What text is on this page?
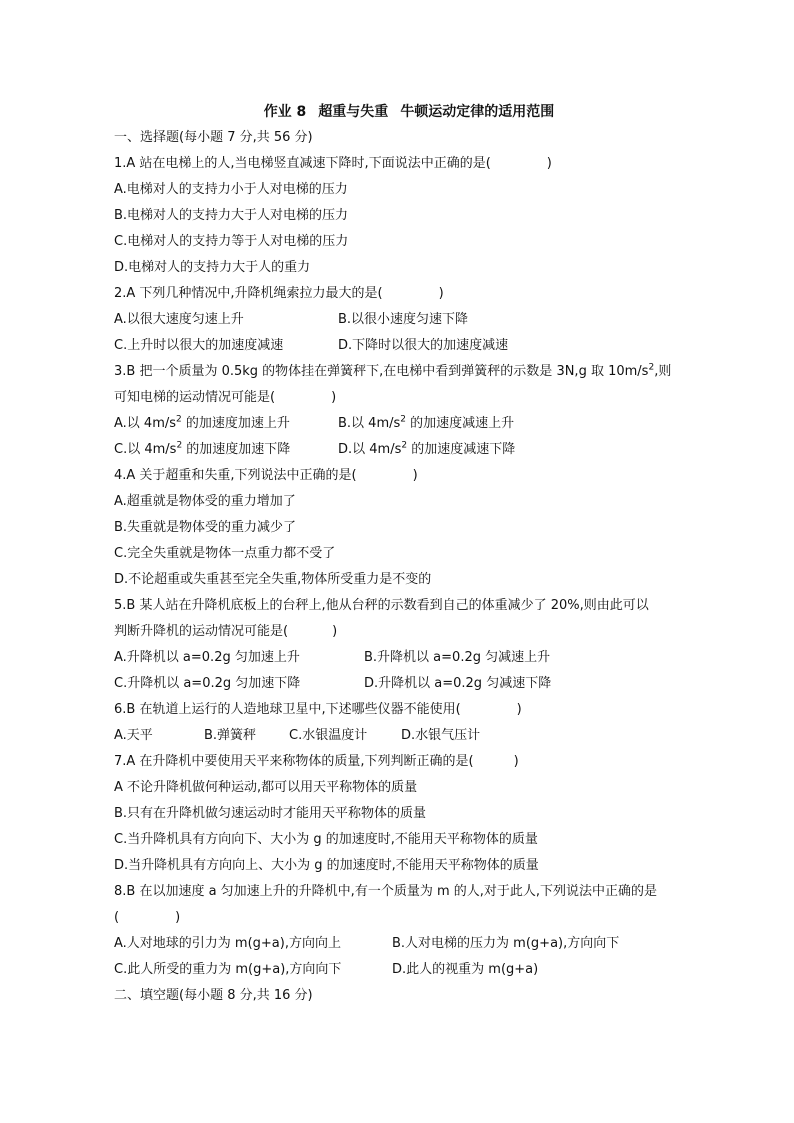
作业 8 超重与失重 牛顿运动定律的适用范围
一、选择题(每小题 7 分,共 56 分)
1.A 站在电梯上的人,当电梯竖直减速下降时,下面说法中正确的是(	)
A.电梯对人的支持力小于人对电梯的压力
B.电梯对人的支持力大于人对电梯的压力
C.电梯对人的支持力等于人对电梯的压力
D.电梯对人的支持力大于人的重力
2.A 下列几种情况中,升降机绳索拉力最大的是(	)
A.以很大速度匀速上升	B.以很小速度匀速下降
C.上升时以很大的加速度减速	D.下降时以很大的加速度减速
3.B 把一个质量为 0.5kg 的物体挂在弹簧秤下,在电梯中看到弹簧秤的示数是 3N,g 取 $10m/s^2$,则
可知电梯的运动情况可能是(	)
A.以 $4m/s^2$ 的加速度加速上升	B.以 $4m/s^2$ 的加速度减速上升
C.以 $4m/s^2$ 的加速度加速下降	D.以 $4m/s^2$ 的加速度减速下降
4.A 关于超重和失重,下列说法中正确的是(	)
A.超重就是物体受的重力增加了
B.失重就是物体受的重力减少了
C.完全失重就是物体一点重力都不受了
D.不论超重或失重甚至完全失重,物体所受重力是不变的
5.B 某人站在升降机底板上的台秤上,他从台秤的示数看到自己的体重减少了 20%,则由此可以
判断升降机的运动情况可能是(	)
A.升降机以 a=0.2g 匀加速上升	B.升降机以 a=0.2g 匀减速上升
C.升降机以 a=0.2g 匀加速下降	D.升降机以 a=0.2g 匀减速下降
6.B 在轨道上运行的人造地球卫星中,下述哪些仪器不能使用(	)
A.天平	B.弹簧秤	C.水银温度计	D.水银气压计
7.A 在升降机中要使用天平来称物体的质量,下列判断正确的是(	)
A 不论升降机做何种运动,都可以用天平称物体的质量
B.只有在升降机做匀速运动时才能用天平称物体的质量
C.当升降机具有方向向下、大小为 g 的加速度时,不能用天平称物体的质量
D.当升降机具有方向向上、大小为 g 的加速度时,不能用天平称物体的质量
8.B 在以加速度 a 匀加速上升的升降机中,有一个质量为 m 的人,对于此人,下列说法中正确的是
(	)
A.人对地球的引力为 m(g+a),方向向上	B.人对电梯的压力为 m(g+a),方向向下
C.此人所受的重力为 m(g+a),方向向下	D.此人的视重为 m(g+a)
二、填空题(每小题 8 分,共 16 分)
